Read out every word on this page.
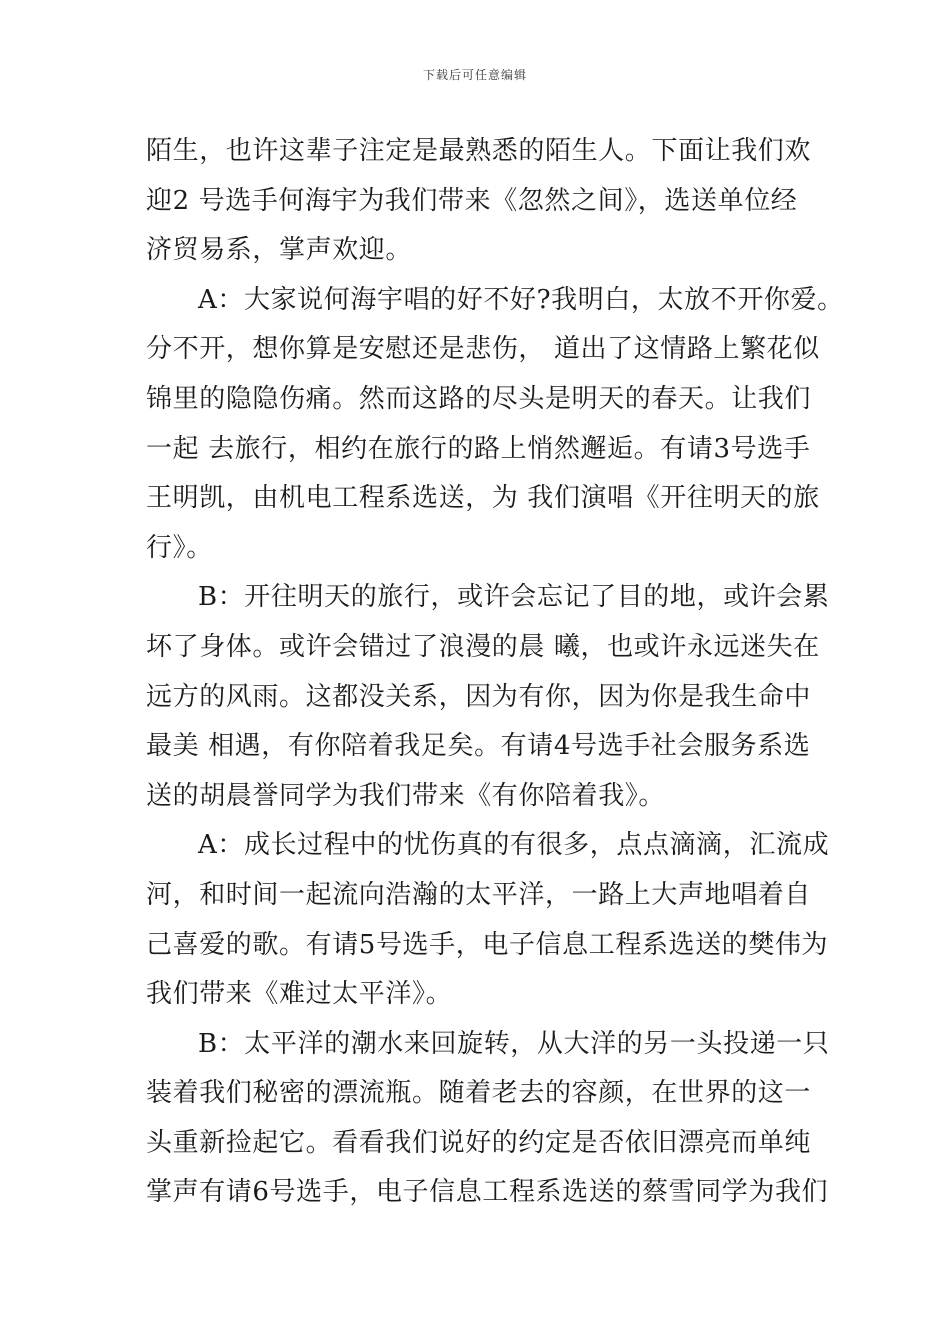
下载后可任意编辑
陌生，也许这辈子注定是最熟悉的陌生人。下面让我们欢
迎2 号选手何海宇为我们带来《忽然之间》，选送单位经
济贸易系，掌声欢迎。
A：大家说何海宇唱的好不好?我明白，太放不开你爱。
分不开，想你算是安慰还是悲伤， 道出了这情路上繁花似
锦里的隐隐伤痛。然而这路的尽头是明天的春天。让我们
一起 去旅行，相约在旅行的路上悄然邂逅。有请3号选手
王明凯，由机电工程系选送，为 我们演唱《开往明天的旅
行》。
B：开往明天的旅行，或许会忘记了目的地，或许会累
坏了身体。或许会错过了浪漫的晨 曦，也或许永远迷失在
远方的风雨。这都没关系，因为有你，因为你是我生命中
最美 相遇，有你陪着我足矣。有请4号选手社会服务系选
送的胡晨誉同学为我们带来《有你陪着我》。
A：成长过程中的忧伤真的有很多，点点滴滴，汇流成
河，和时间一起流向浩瀚的太平洋，一路上大声地唱着自
己喜爱的歌。有请5号选手，电子信息工程系选送的樊伟为
我们带来《难过太平洋》。
B：太平洋的潮水来回旋转，从大洋的另一头投递一只
装着我们秘密的漂流瓶。随着老去的容颜，在世界的这一
头重新捡起它。看看我们说好的约定是否依旧漂亮而单纯
掌声有请6号选手，电子信息工程系选送的蔡雪同学为我们
